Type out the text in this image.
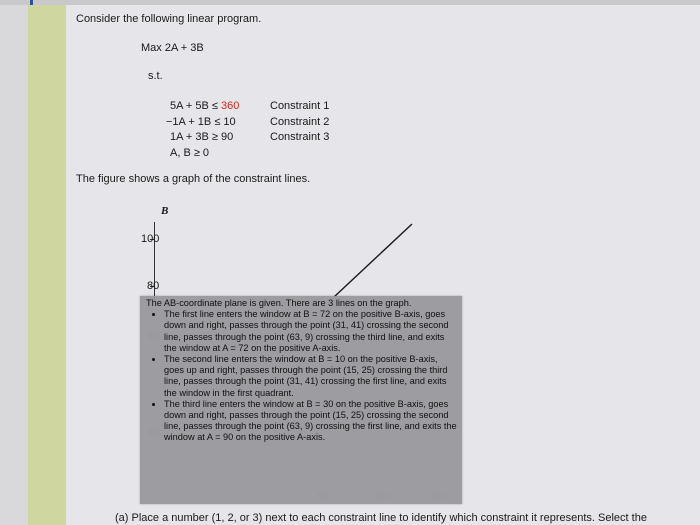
Consider the following linear program.
Max 2A + 3B
s.t.
5A + 5B ≤ 360	Constraint 1
−1A + 1B ≤ 10	Constraint 2
1A + 3B ≥ 90	Constraint 3
A, B ≥ 0
The figure shows a graph of the constraint lines.
B
100
80
The AB-coordinate plane is given. There are 3 lines on the graph.
• The first line enters the window at B = 72 on the positive B-axis, goes down and right, passes through the point (31, 41) crossing the second line, passes through the point (63, 9) crossing the third line, and exits the window at A = 72 on the positive A-axis.
• The second line enters the window at B = 10 on the positive B-axis, goes up and right, passes through the point (15, 25) crossing the third line, passes through the point (31, 41) crossing the first line, and exits the window in the first quadrant.
• The third line enters the window at B = 30 on the positive B-axis, goes down and right, passes through the point (15, 25) crossing the second line, passes through the point (63, 9) crossing the first line, and exits the window at A = 90 on the positive A-axis.
80	100	160
(a) Place a number (1, 2, or 3) next to each constraint line to identify which constraint it represents. Select the
